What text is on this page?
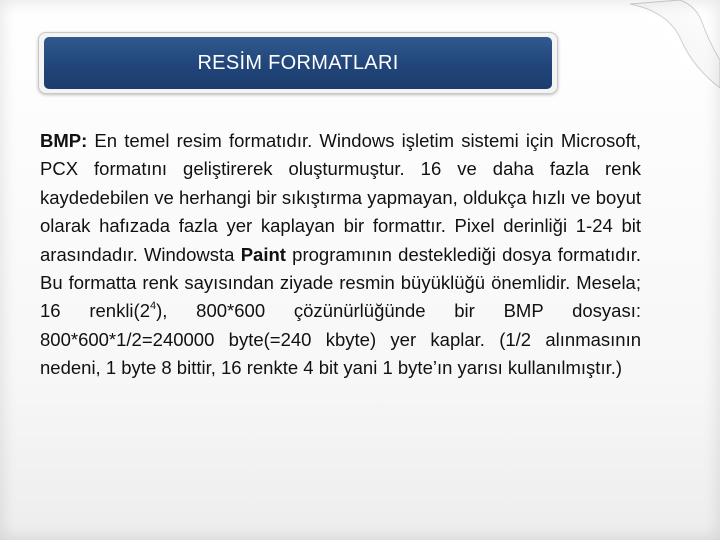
RESİM FORMATLARI

BMP: En temel resim formatıdır. Windows işletim sistemi için Microsoft, PCX formatını geliştirerek oluşturmuştur. 16 ve daha fazla renk kaydedebilen ve herhangi bir sıkıştırma yapmayan, oldukça hızlı ve boyut olarak hafızada fazla yer kaplayan bir formattır. Pixel derinliği 1-24 bit arasındadır. Windowsta Paint programının desteklediği dosya formatıdır. Bu formatta renk sayısından ziyade resmin büyüklüğü önemlidir. Mesela; 16 $renkli(2^4)$, 800*600 çözünürlüğünde bir BMP dosyası: 800*600*1/2=240000 byte(=240 kbyte) yer kaplar. (1/2 alınmasının nedeni, 1 byte 8 bittir, 16 renkte 4 bit yani 1 byte’ın yarısı kullanılmıştır.)
